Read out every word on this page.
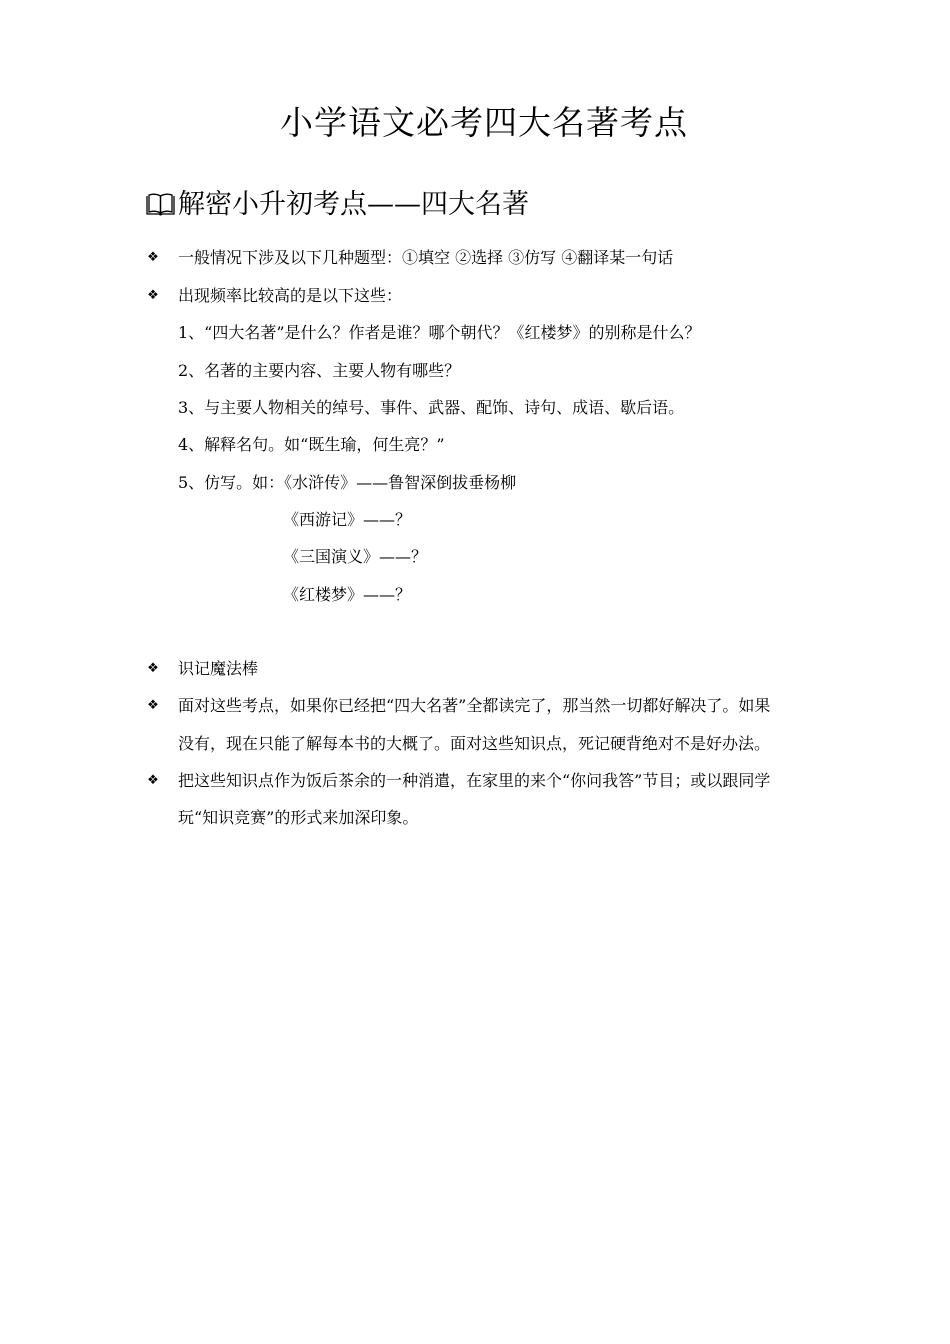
小学语文必考四大名著考点
解密小升初考点——四大名著
❖ 一般情况下涉及以下几种题型：①填空 ②选择 ③仿写 ④翻译某一句话
❖ 出现频率比较高的是以下这些：
1、“四大名著”是什么？作者是谁？哪个朝代？《红楼梦》的别称是什么？
2、名著的主要内容、主要人物有哪些？
3、与主要人物相关的绰号、事件、武器、配饰、诗句、成语、歇后语。
4、解释名句。如“既生瑜，何生亮？”
5、仿写。如：《水浒传》——鲁智深倒拔垂杨柳
《西游记》——？
《三国演义》——？
《红楼梦》——？
❖ 识记魔法棒
❖ 面对这些考点，如果你已经把“四大名著”全都读完了，那当然一切都好解决了。如果
没有，现在只能了解每本书的大概了。面对这些知识点，死记硬背绝对不是好办法。
❖ 把这些知识点作为饭后茶余的一种消遣，在家里的来个“你问我答”节目；或以跟同学
玩“知识竞赛”的形式来加深印象。
